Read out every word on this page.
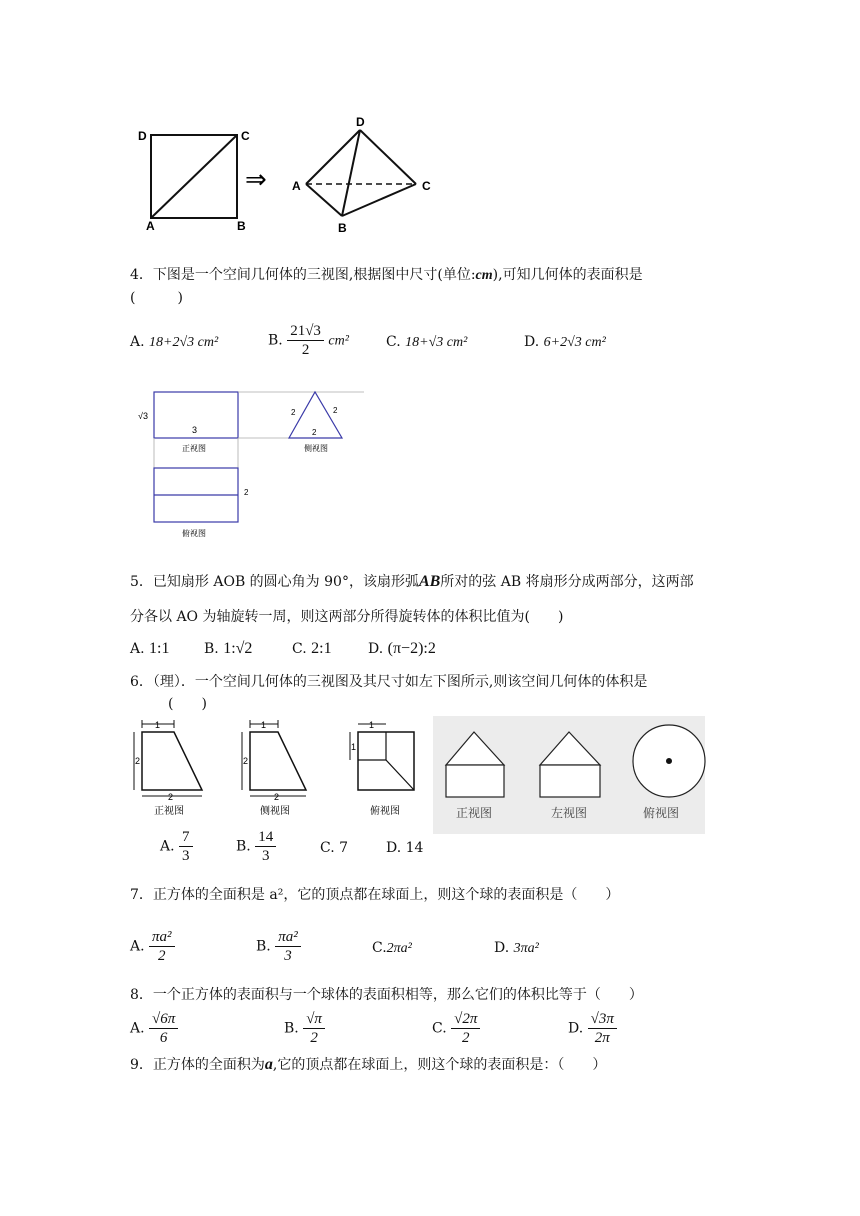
D	C
A	B
⇒
D
A	C
B
4．下图是一个空间几何体的三视图,根据图中尺寸(单位:cm),可知几何体的表面积是
(　　　)
A. 18+2√3 cm²	B. $\frac{21√3}{2} cm^2$	C. 18+√3 cm²	D. 6+2√3 cm²
√3
3
正视图
2	2
2
侧视图
2
俯视图
5．已知扇形 AOB 的圆心角为 90°，该扇形弧AB所对的弦 AB 将扇形分成两部分，这两部
分各以 AO 为轴旋转一周，则这两部分所得旋转体的体积比值为(　　)
A. 1:1 B. 1:√2	C. 2:1	D. (π−2):2
6．（理）．一个空间几何体的三视图及其尺寸如左下图所示,则该空间几何体的体积是
(　　)
1
2
2
正视图
1
2
2
侧视图
1
1
俯视图	正视图	左视图	俯视图
A. $\frac{7}{3}$	B. $\frac{14}{3}$	C. 7	D. 14
7．正方体的全面积是 a²，它的顶点都在球面上，则这个球的表面积是（　　）
A. $\frac{\text{πa²}}{2}$	B. $\frac{\text{πa²}}{3}$	C.2πa²	D. 3πa²
8．一个正方体的表面积与一个球体的表面积相等，那么它们的体积比等于（　　）
A. $\frac{√6\pi}{6}$	B. $\frac{√\pi}{2}$	C. $\frac{√2\pi}{2}$	D. $\frac{√3\pi}{2\pi}$
9．正方体的全面积为a,它的顶点都在球面上，则这个球的表面积是：（　　）
